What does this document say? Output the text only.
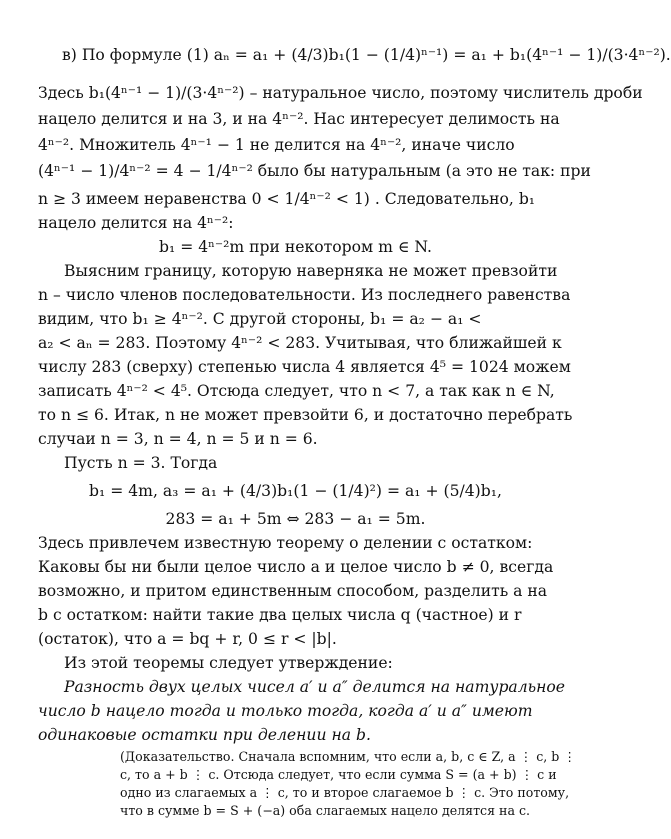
в) По формуле (1) aₙ = a₁ + (4/3)b₁(1 − (1/4)ⁿ⁻¹) = a₁ + b₁(4ⁿ⁻¹ − 1)/(3·4ⁿ⁻²).
Здесь b₁(4ⁿ⁻¹ − 1)/(3·4ⁿ⁻²) – натуральное число, поэтому числитель дроби
нацело делится и на 3, и на 4ⁿ⁻². Нас интересует делимость на
4ⁿ⁻². Множитель 4ⁿ⁻¹ − 1 не делится на 4ⁿ⁻², иначе число
(4ⁿ⁻¹ − 1)/4ⁿ⁻² = 4 − 1/4ⁿ⁻² было бы натуральным (а это не так: при
n ≥ 3 имеем неравенства 0 < 1/4ⁿ⁻² < 1) . Следовательно, b₁
нацело делится на 4ⁿ⁻²:
b₁ = 4ⁿ⁻²m при некотором m ∈ N.
Выясним границу, которую наверняка не может превзойти
n – число членов последовательности. Из последнего равенства
видим, что b₁ ≥ 4ⁿ⁻². С другой стороны, b₁ = a₂ − a₁ <
a₂ < aₙ = 283. Поэтому 4ⁿ⁻² < 283. Учитывая, что ближайшей к
числу 283 (сверху) степенью числа 4 является 4⁵ = 1024 можем
записать 4ⁿ⁻² < 4⁵. Отсюда следует, что n < 7, а так как n ∈ N,
то n ≤ 6. Итак, n не может превзойти 6, и достаточно перебрать
случаи n = 3, n = 4, n = 5 и n = 6.
Пусть n = 3. Тогда
b₁ = 4m, a₃ = a₁ + (4/3)b₁(1 − (1/4)²) = a₁ + (5/4)b₁,
283 = a₁ + 5m ⇔ 283 − a₁ = 5m.
Здесь привлечем известную теорему о делении с остатком:
Каковы бы ни были целое число a и целое число b ≠ 0, всегда
возможно, и притом единственным способом, разделить a на
b с остатком: найти такие два целых числа q (частное) и r
(остаток), что a = bq + r, 0 ≤ r < |b|.
Из этой теоремы следует утверждение:
Разность двух целых чисел a′ и a″ делится на натуральное
число b нацело тогда и только тогда, когда a′ и a″ имеют
одинаковые остатки при делении на b.
(Доказательство. Сначала вспомним, что если a, b, c ∈ Z, a ⋮ c, b ⋮
c, то a + b ⋮ c. Отсюда следует, что если сумма S = (a + b) ⋮ c и
одно из слагаемых a ⋮ c, то и второе слагаемое b ⋮ c. Это потому,
что в сумме b = S + (−a) оба слагаемых нацело делятся на c.
